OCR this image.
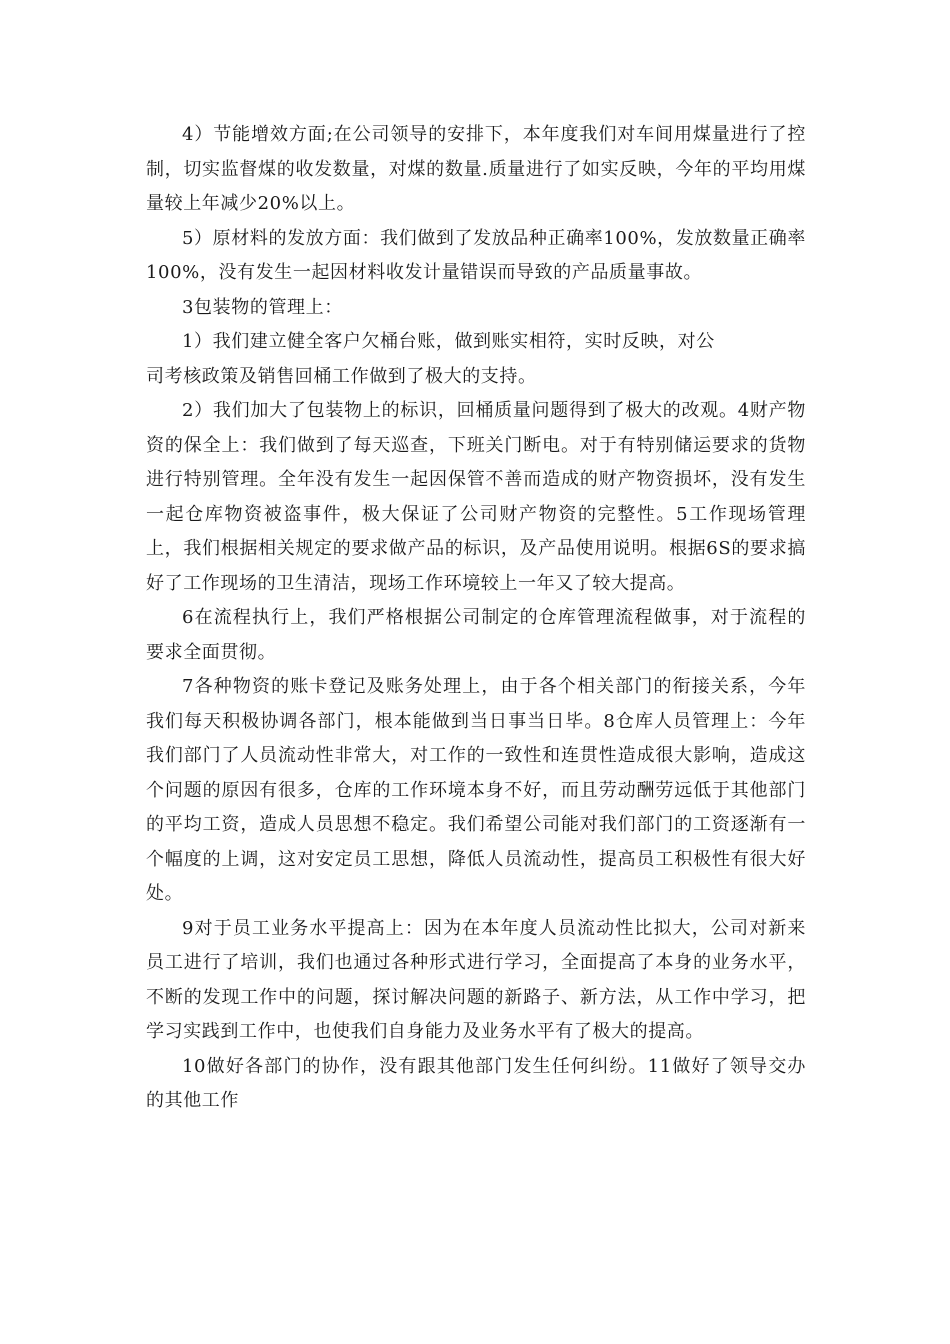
4）节能增效方面;在公司领导的安排下，本年度我们对车间用煤量进行了控制，切实监督煤的收发数量，对煤的数量.质量进行了如实反映，今年的平均用煤量较上年减少20%以上。

5）原材料的发放方面：我们做到了发放品种正确率100%，发放数量正确率100%，没有发生一起因材料收发计量错误而导致的产品质量事故。

3包装物的管理上：

1）我们建立健全客户欠桶台账，做到账实相符，实时反映，对公

司考核政策及销售回桶工作做到了极大的支持。

2）我们加大了包装物上的标识，回桶质量问题得到了极大的改观。4财产物资的保全上：我们做到了每天巡查，下班关门断电。对于有特别储运要求的货物进行特别管理。全年没有发生一起因保管不善而造成的财产物资损坏，没有发生一起仓库物资被盗事件，极大保证了公司财产物资的完整性。5工作现场管理上，我们根据相关规定的要求做产品的标识，及产品使用说明。根据6S的要求搞好了工作现场的卫生清洁，现场工作环境较上一年又了较大提高。

6在流程执行上，我们严格根据公司制定的仓库管理流程做事，对于流程的要求全面贯彻。

7各种物资的账卡登记及账务处理上，由于各个相关部门的衔接关系，今年我们每天积极协调各部门，根本能做到当日事当日毕。8仓库人员管理上：今年我们部门了人员流动性非常大，对工作的一致性和连贯性造成很大影响，造成这个问题的原因有很多，仓库的工作环境本身不好，而且劳动酬劳远低于其他部门的平均工资，造成人员思想不稳定。我们希望公司能对我们部门的工资逐渐有一个幅度的上调，这对安定员工思想，降低人员流动性，提高员工积极性有很大好处。

9对于员工业务水平提高上：因为在本年度人员流动性比拟大，公司对新来员工进行了培训，我们也通过各种形式进行学习，全面提高了本身的业务水平，不断的发现工作中的问题，探讨解决问题的新路子、新方法，从工作中学习，把学习实践到工作中，也使我们自身能力及业务水平有了极大的提高。

10做好各部门的协作，没有跟其他部门发生任何纠纷。11做好了领导交办的其他工作
